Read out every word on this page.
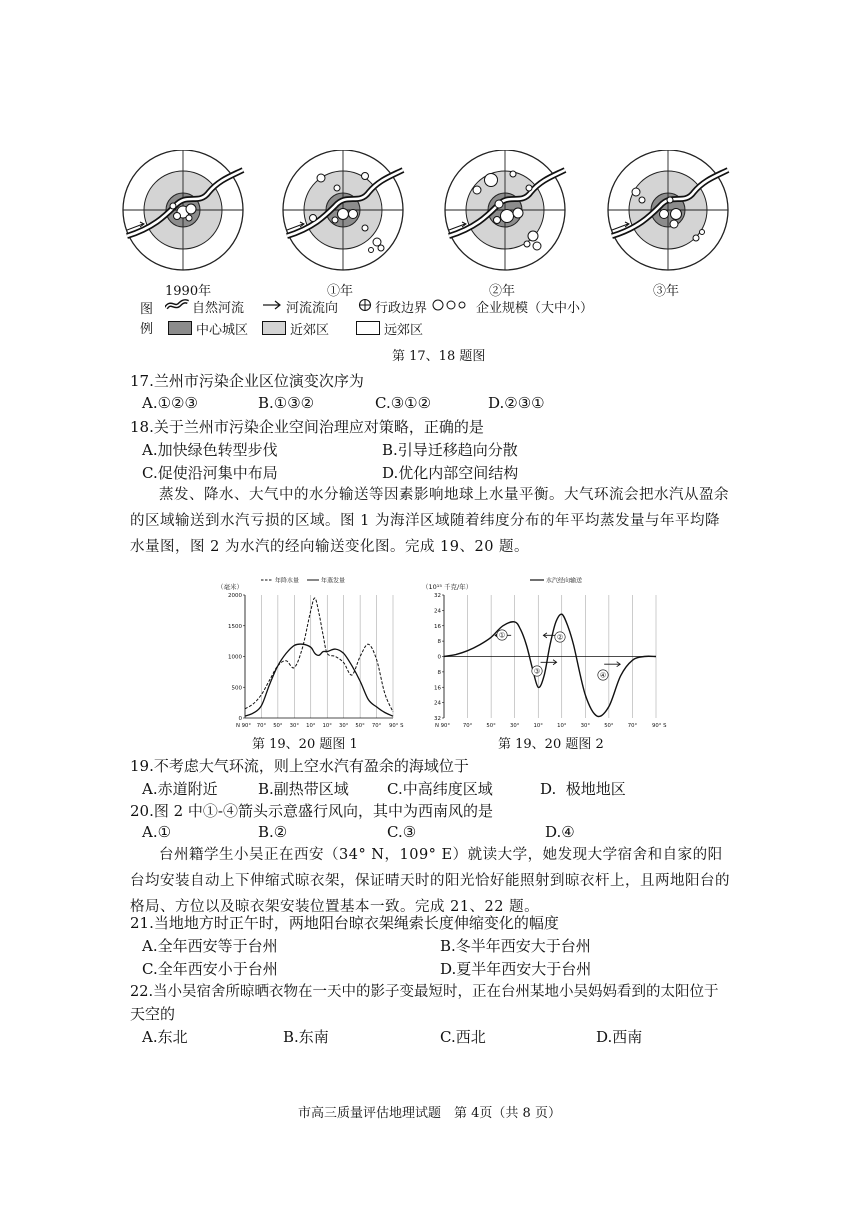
1990年	①年	②年	③年
图
例
自然河流	河流流向	行政边界	企业规模（大中小）
中心城区	近郊区	远郊区
第 17、18 题图
17.兰州市污染企业区位演变次序为
A.①②③	B.①③②	C.③①②	D.②③①
18.关于兰州市污染企业空间治理应对策略，正确的是
A.加快绿色转型步伐	B.引导迁移趋向分散
C.促使沿河集中布局	D.优化内部空间结构
蒸发、降水、大气中的水分输送等因素影响地球上水量平衡。大气环流会把水汽从盈余的区域输送到水汽亏损的区域。图 1 为海洋区域随着纬度分布的年平均蒸发量与年平均降水量图，图 2 为水汽的经向输送变化图。完成 19、20 题。
（毫米）
年降水量	年蒸发量
0
500
1000
1500
2000
N 90° 70° 50° 30° 10° 10° 30° 50° 70° 90° S
第 19、20 题图 1
（10¹⁵ 千克/年）
水汽经向输送
32
24
16
8
0
8
16
24
32
N 90° 70°	50°	30°	10°	10°	30°	50°	70°	90° S
①	②
③	④
第 19、20 题图 2
19.不考虑大气环流，则上空水汽有盈余的海域位于
A.赤道附近	B.副热带区域	C.中高纬度区域	D.  极地地区
20.图 2 中①-④箭头示意盛行风向，其中为西南风的是
A.①	B.②	C.③	D.④
台州籍学生小吴正在西安（34° N，109° E）就读大学，她发现大学宿舍和自家的阳台均安装自动上下伸缩式晾衣架，保证晴天时的阳光恰好能照射到晾衣杆上，且两地阳台的格局、方位以及晾衣架安装位置基本一致。完成 21、22 题。
21.当地地方时正午时，两地阳台晾衣架绳索长度伸缩变化的幅度
A.全年西安等于台州	B.冬半年西安大于台州
C.全年西安小于台州	D.夏半年西安大于台州
22.当小吴宿舍所晾晒衣物在一天中的影子变最短时，正在台州某地小吴妈妈看到的太阳位于
天空的
A.东北	B.东南	C.西北	D.西南
市高三质量评估地理试题　第 4页（共 8 页）
